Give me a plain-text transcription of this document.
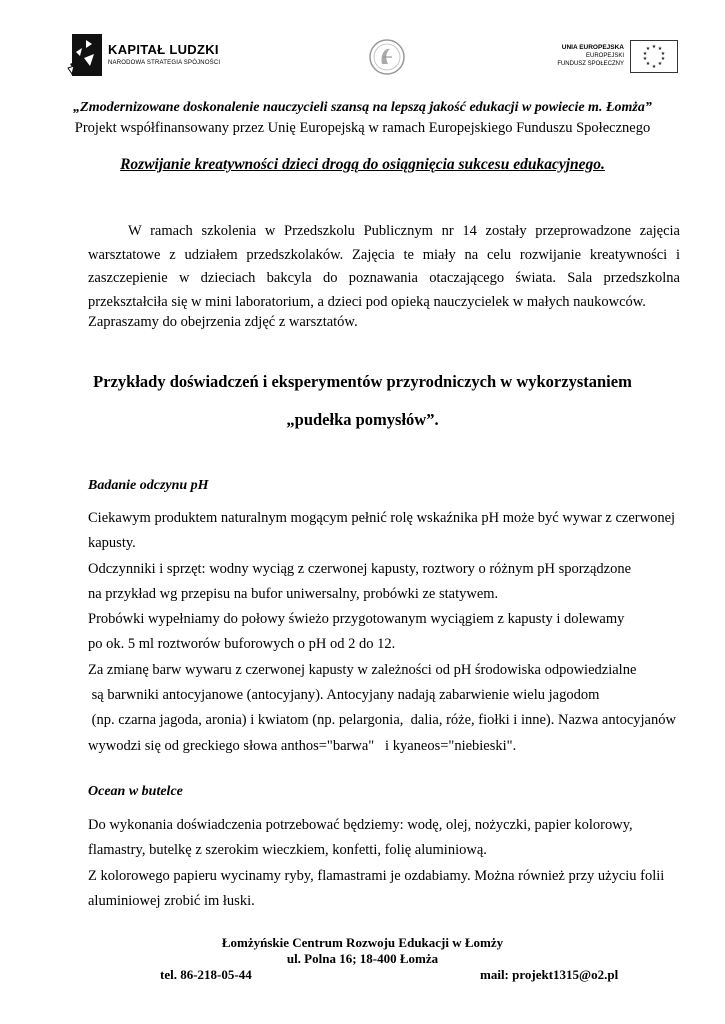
KAPITAŁ LUDZKI
NARODOWA STRATEGIA SPÓJNOŚCI
UNIA EUROPEJSKA
EUROPEJSKI
FUNDUSZ SPOŁECZNY
★ ★
★
★
★
★
★
★
★
★
„Zmodernizowane doskonalenie nauczycieli szansą na lepszą jakość edukacji w powiecie m. Łomża”
Projekt współfinansowany przez Unię Europejską w ramach Europejskiego Funduszu Społecznego
Rozwijanie kreatywności dzieci drogą do osiągnięcia sukcesu edukacyjnego.
W ramach szkolenia w Przedszkolu Publicznym nr 14 zostały przeprowadzone zajęcia warsztatowe z udziałem przedszkolaków. Zajęcia te miały na celu rozwijanie kreatywności i zaszczepienie w dzieciach bakcyla do poznawania otaczającego świata. Sala przedszkolna przekształciła się w mini laboratorium, a dzieci pod opieką nauczycielek w małych naukowców.
Zapraszamy do obejrzenia zdjęć z warsztatów.
Przykłady doświadczeń i eksperymentów przyrodniczych w wykorzystaniem
„pudełka pomysłów”.
Badanie odczynu pH
Ciekawym produktem naturalnym mogącym pełnić rolę wskaźnika pH może być wywar z czerwonej
kapusty.
Odczynniki i sprzęt: wodny wyciąg z czerwonej kapusty, roztwory o różnym pH sporządzone
na przykład wg przepisu na bufor uniwersalny, probówki ze statywem.
Probówki wypełniamy do połowy świeżo przygotowanym wyciągiem z kapusty i dolewamy
po ok. 5 ml roztworów buforowych o pH od 2 do 12.
Za zmianę barw wywaru z czerwonej kapusty w zależności od pH środowiska odpowiedzialne
są barwniki antocyjanowe (antocyjany). Antocyjany nadają zabarwienie wielu jagodom
(np. czarna jagoda, aronia) i kwiatom (np. pelargonia,  dalia, róże, fiołki i inne). Nazwa antocyjanów
wywodzi się od greckiego słowa anthos="barwa"   i kyaneos="niebieski".
Ocean w butelce
Do wykonania doświadczenia potrzebować będziemy: wodę, olej, nożyczki, papier kolorowy,
flamastry, butelkę z szerokim wieczkiem, konfetti, folię aluminiową.
Z kolorowego papieru wycinamy ryby, flamastrami je ozdabiamy. Można również przy użyciu folii
aluminiowej zrobić im łuski.
Łomżyńskie Centrum Rozwoju Edukacji w Łomży
ul. Polna 16; 18-400 Łomża
tel. 86-218-05-44	mail: projekt1315@o2.pl
